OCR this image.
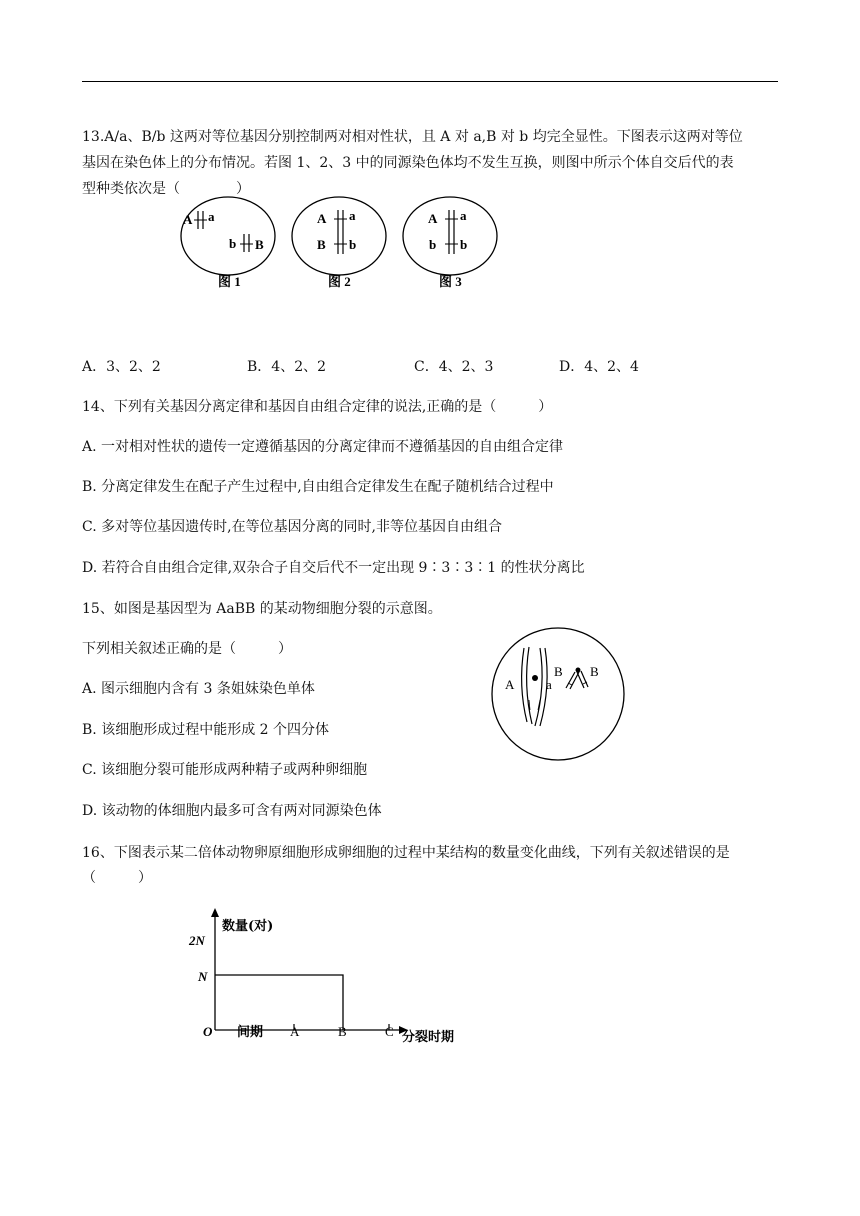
13.A/a、B/b 这两对等位基因分别控制两对相对性状，且 A 对 a,B 对 b 均完全显性。下图表示这两对等位
基因在染色体上的分布情况。若图 1、2、3 中的同源染色体均不发生互换，则图中所示个体自交后代的表
型种类依次是（　　　　）
A a
b B
图 1
A a
B b
图 2
A a
b b
图 3
A．3、2、2	B．4、2、2	C．4、2、3	D．4、2、4
14、下列有关基因分离定律和基因自由组合定律的说法,正确的是（　　　）
A. 一对相对性状的遗传一定遵循基因的分离定律而不遵循基因的自由组合定律
B. 分离定律发生在配子产生过程中,自由组合定律发生在配子随机结合过程中
C. 多对等位基因遗传时,在等位基因分离的同时,非等位基因自由组合
D. 若符合自由组合定律,双杂合子自交后代不一定出现 9∶3∶3∶1 的性状分离比
15、如图是基因型为 AaBB 的某动物细胞分裂的示意图。
下列相关叙述正确的是（　　　）
A. 图示细胞内含有 3 条姐妹染色单体
B. 该细胞形成过程中能形成 2 个四分体
C. 该细胞分裂可能形成两种精子或两种卵细胞
D. 该动物的体细胞内最多可含有两对同源染色体
A a
B B
16、下图表示某二倍体动物卵原细胞形成卵细胞的过程中某结构的数量变化曲线，下列有关叙述错误的是
（　　　）
数量(对)
2N
N
O 间期 A	B	C 分裂时期
